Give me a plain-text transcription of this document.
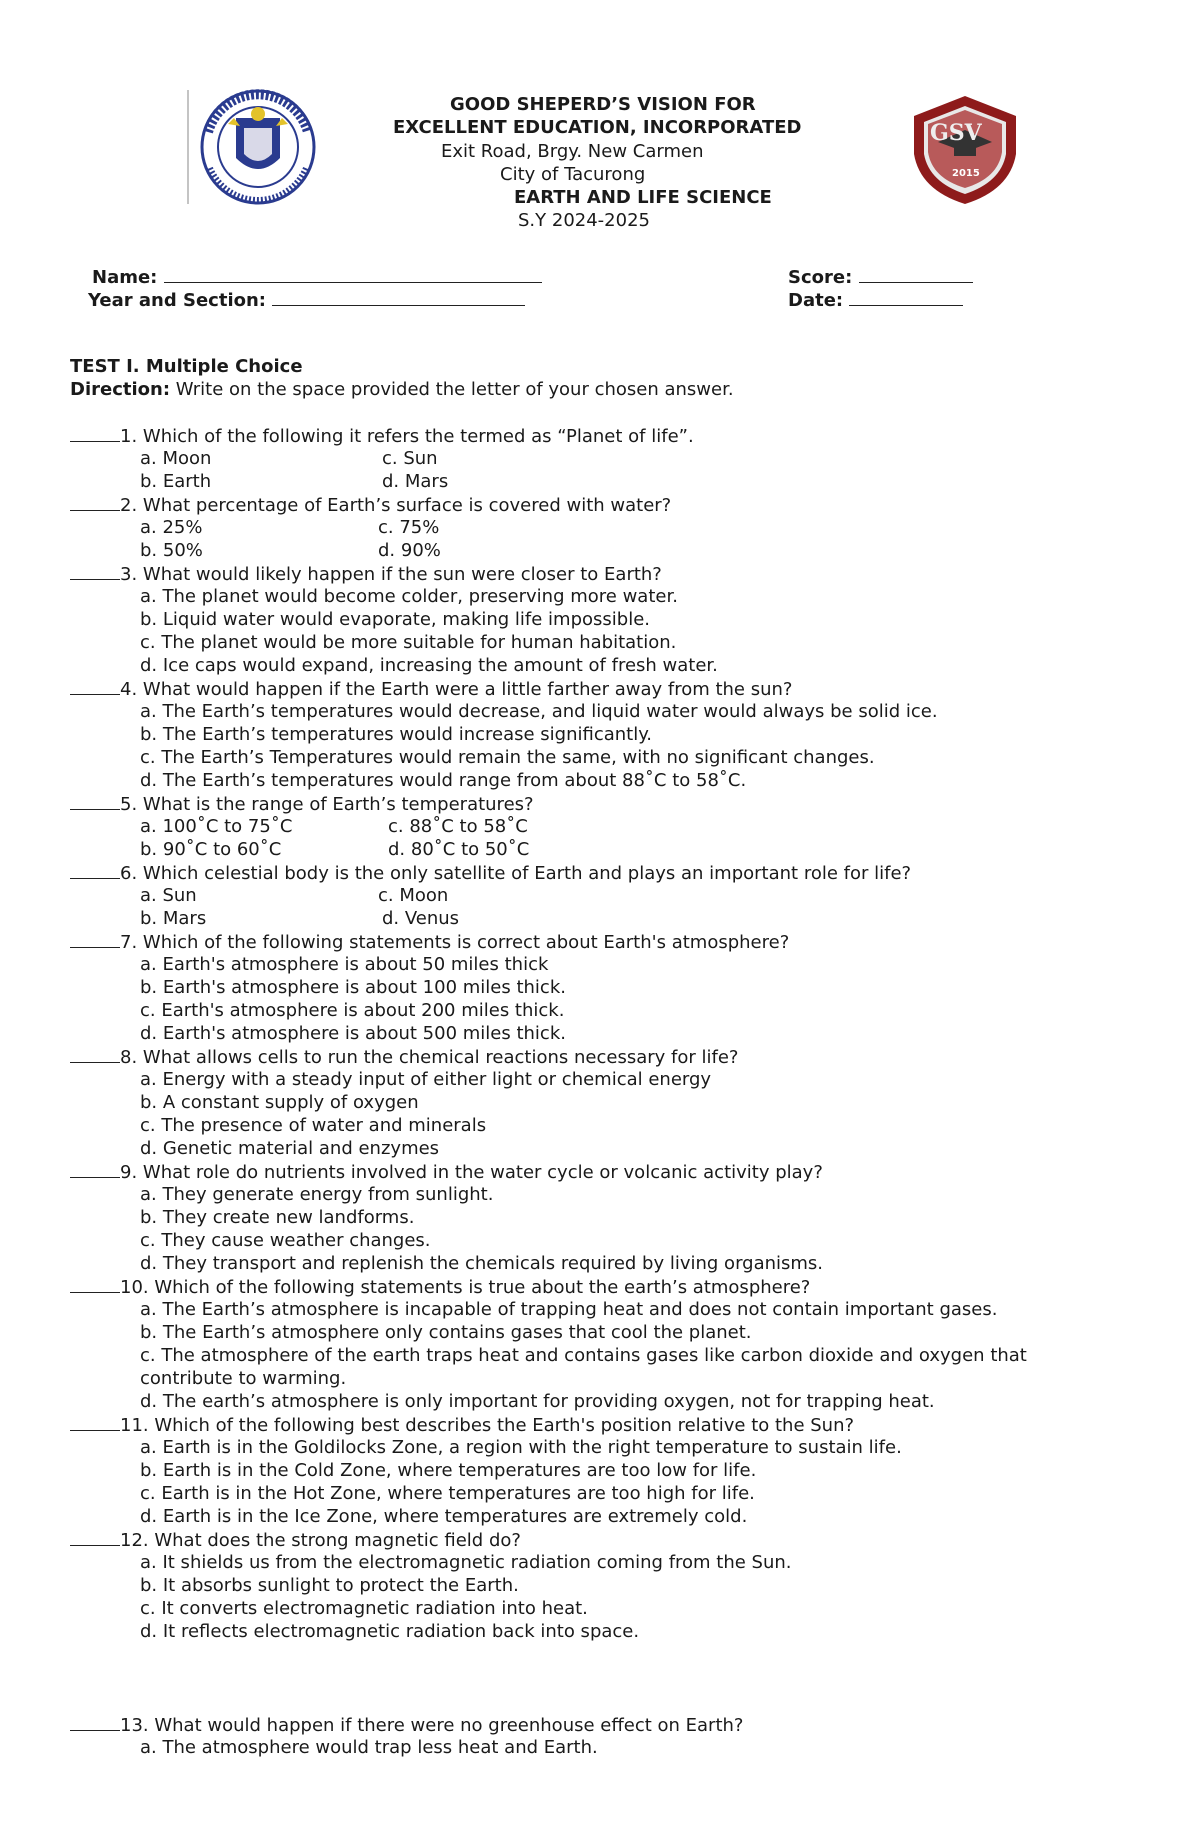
GSV
2015
GOOD SHEPERD’S VISION FOR
EXCELLENT EDUCATION, INCORPORATED
Exit Road, Brgy. New Carmen
City of Tacurong
EARTH AND LIFE SCIENCE
S.Y 2024-2025
Name:	Score:
Year and Section:	Date:
TEST I. Multiple Choice
Direction: Write on the space provided the letter of your chosen answer.
1. Which of the following it refers the termed as “Planet of life”.
a. Moon	c. Sun
b. Earth	d. Mars
2. What percentage of Earth’s surface is covered with water?
a. 25%	c. 75%
b. 50%	d. 90%
3. What would likely happen if the sun were closer to Earth?
a. The planet would become colder, preserving more water.
b. Liquid water would evaporate, making life impossible.
c. The planet would be more suitable for human habitation.
d. Ice caps would expand, increasing the amount of fresh water.
4. What would happen if the Earth were a little farther away from the sun?
a. The Earth’s temperatures would decrease, and liquid water would always be solid ice.
b. The Earth’s temperatures would increase significantly.
c. The Earth’s Temperatures would remain the same, with no significant changes.
d. The Earth’s temperatures would range from about 88˚C to 58˚C.
5. What is the range of Earth’s temperatures?
a. 100˚C to 75˚C	c. 88˚C to 58˚C
b. 90˚C to 60˚C	d. 80˚C to 50˚C
6. Which celestial body is the only satellite of Earth and plays an important role for life?
a. Sun	c. Moon
b. Mars	d. Venus
7. Which of the following statements is correct about Earth's atmosphere?
a. Earth's atmosphere is about 50 miles thick
b. Earth's atmosphere is about 100 miles thick.
c. Earth's atmosphere is about 200 miles thick.
d. Earth's atmosphere is about 500 miles thick.
8. What allows cells to run the chemical reactions necessary for life?
a. Energy with a steady input of either light or chemical energy
b. A constant supply of oxygen
c. The presence of water and minerals
d. Genetic material and enzymes
9. What role do nutrients involved in the water cycle or volcanic activity play?
a. They generate energy from sunlight.
b. They create new landforms.
c. They cause weather changes.
d. They transport and replenish the chemicals required by living organisms.
10. Which of the following statements is true about the earth’s atmosphere?
a. The Earth’s atmosphere is incapable of trapping heat and does not contain important gases.
b. The Earth’s atmosphere only contains gases that cool the planet.
c. The atmosphere of the earth traps heat and contains gases like carbon dioxide and oxygen that
contribute to warming.
d. The earth’s atmosphere is only important for providing oxygen, not for trapping heat.
11. Which of the following best describes the Earth's position relative to the Sun?
a. Earth is in the Goldilocks Zone, a region with the right temperature to sustain life.
b. Earth is in the Cold Zone, where temperatures are too low for life.
c. Earth is in the Hot Zone, where temperatures are too high for life.
d. Earth is in the Ice Zone, where temperatures are extremely cold.
12. What does the strong magnetic field do?
a. It shields us from the electromagnetic radiation coming from the Sun.
b. It absorbs sunlight to protect the Earth.
c. It converts electromagnetic radiation into heat.
d. It reflects electromagnetic radiation back into space.
13. What would happen if there were no greenhouse effect on Earth?
a. The atmosphere would trap less heat and Earth.
